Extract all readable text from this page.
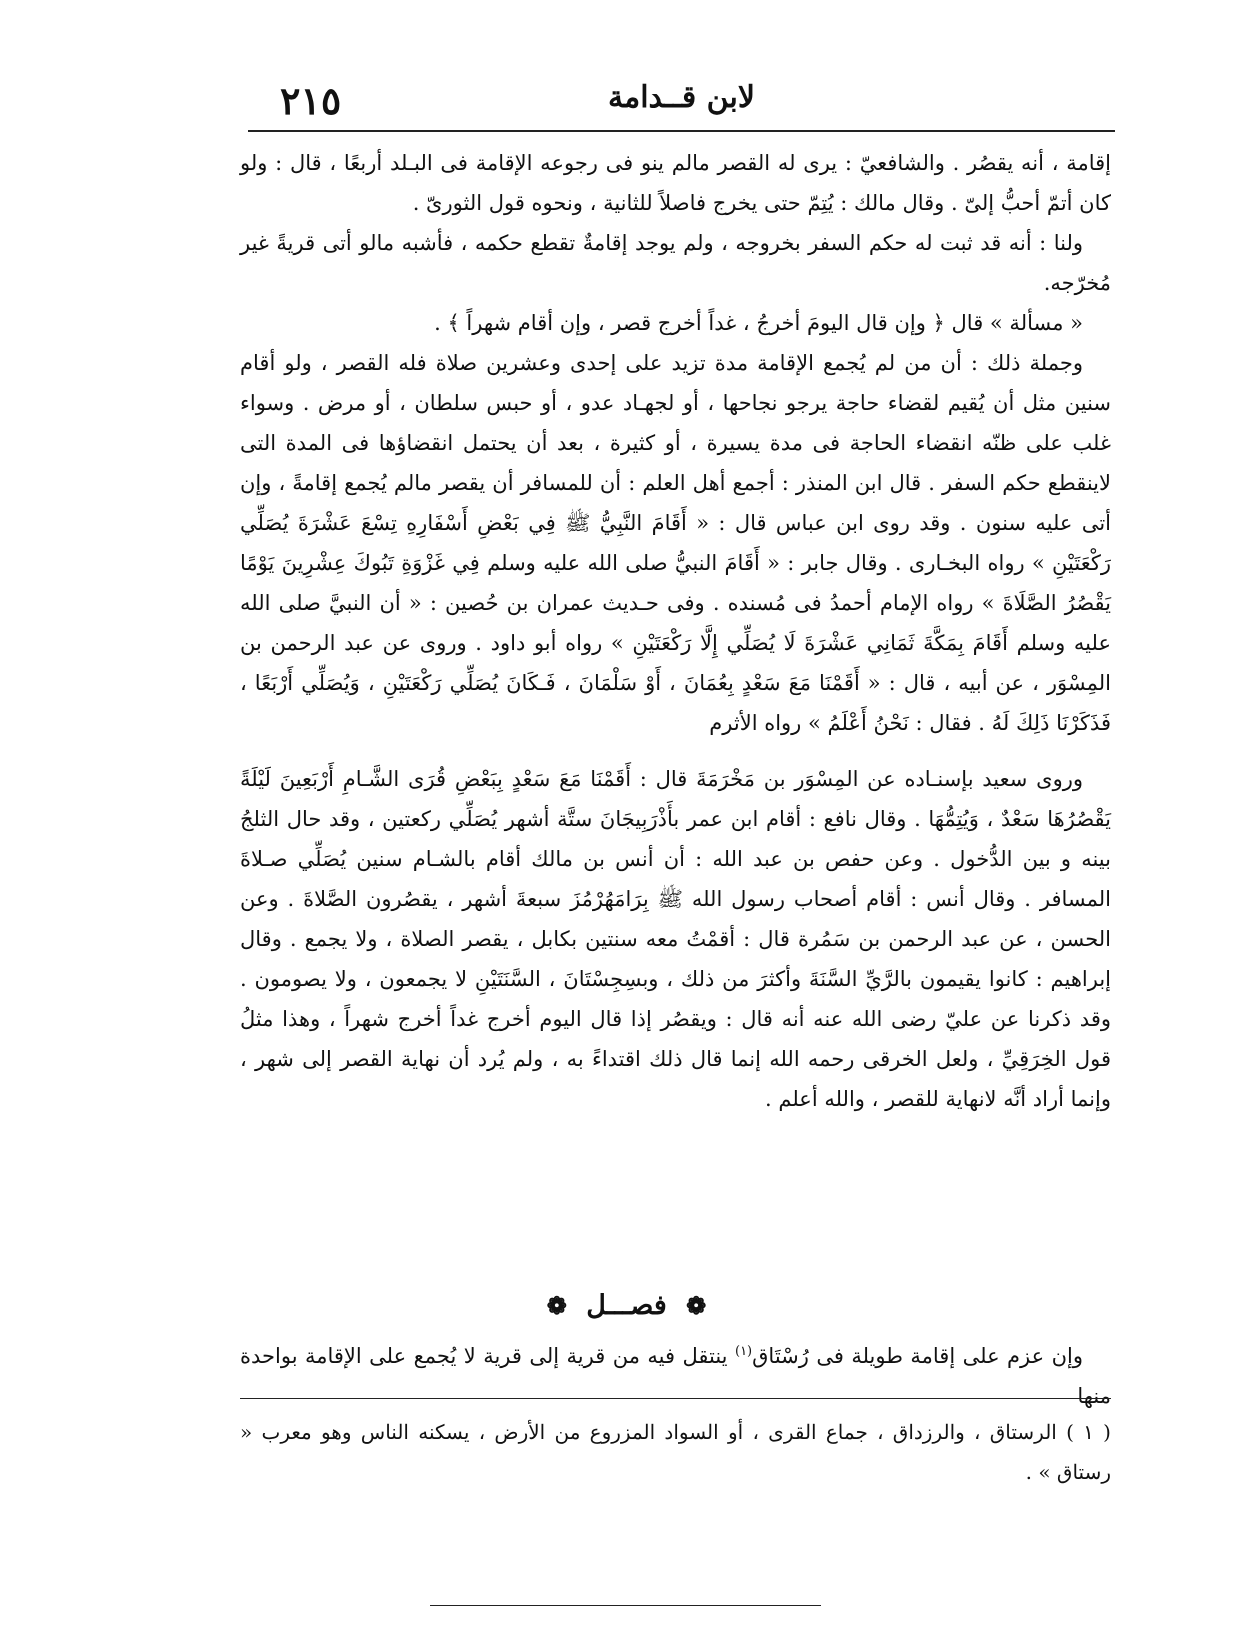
٢١٥	لابن قــدامة

إقامة ، أنه يقصُر . والشافعيّ : يرى له القصر مالم ينو فى رجوعه الإقامة فى البـلد أربعًا ، قال : ولو كان أتمّ أحبُّ إلىّ . وقال مالك : يُتِمّ حتى يخرج فاصلاً للثانية ، ونحوه قول الثورىّ .

ولنا : أنه قد ثبت له حكم السفر بخروجه ، ولم يوجد إقامةٌ تقطع حكمه ، فأشبه مالو أتى قريةً غير مُخرّجه.

« مسألة » قال ﴿ وإن قال اليومَ أخرجُ ، غداً أخرج قصر ، وإن أقام شهراً ﴾ .

وجملة ذلك : أن من لم يُجمع الإقامة مدة تزيد على إحدى وعشرين صلاة فله القصر ، ولو أقام سنين مثل أن يُقيم لقضاء حاجة يرجو نجاحها ، أو لجهـاد عدو ، أو حبس سلطان ، أو مرض . وسواء غلب على ظنّه انقضاء الحاجة فى مدة يسيرة ، أو كثيرة ، بعد أن يحتمل انقضاؤها فى المدة التى لاينقطع حكم السفر . قال ابن المنذر : أجمع أهل العلم : أن للمسافر أن يقصر مالم يُجمع إقامةً ، وإن أتى عليه سنون . وقد روى ابن عباس قال : « أَقَامَ النَّبِيُّ ﷺ فِي بَعْضِ أَسْفَارِهِ تِسْعَ عَشْرَةَ يُصَلِّي رَكْعَتَيْنِ » رواه البخـارى . وقال جابر : « أَقَامَ النبيُّ صلى الله عليه وسلم فِي غَزْوَةِ تَبُوكَ عِشْرِينَ يَوْمًا يَقْصُرُ الصَّلَاةَ » رواه الإمام أحمدُ فى مُسنده . وفى حـديث عمران بن حُصين : « أن النبيَّ صلى الله عليه وسلم أَقَامَ بِمَكَّةَ ثَمَانِي عَشْرَةَ لَا يُصَلِّي إِلَّا رَكْعَتَيْنِ » رواه أبو داود . وروى عن عبد الرحمن بن المِسْوَر ، عن أبيه ، قال : « أَقَمْنَا مَعَ سَعْدٍ بِعُمَانَ ، أَوْ سَلْمَانَ ، فَـكَانَ يُصَلِّي رَكْعَتَيْنِ ، وَيُصَلِّي أَرْبَعًا ، فَذَكَرْنَا ذَلِكَ لَهُ . فقال : نَحْنُ أَعْلَمُ » رواه الأثرم

وروى سعيد بإسنـاده عن المِسْوَر بن مَخْرَمَةَ قال : أَقَمْنَا مَعَ سَعْدٍ بِبَعْضِ قُرَى الشَّـامِ أَرْبَعِينَ لَيْلَةً يَقْصُرُهَا سَعْدٌ ، وَيُتِمُّهَا . وقال نافع : أقام ابن عمر بأَذْرَبِيجَانَ ستَّة أشهر يُصَلِّي ركعتين ، وقد حال الثلجُ بينه و بين الدُّخول . وعن حفص بن عبد الله : أن أنس بن مالك أقام بالشـام سنين يُصَلِّي صـلاةَ المسافر . وقال أنس : أقام أصحاب رسول الله ﷺ بِرَامَهُرْمُزَ سبعةَ أشهر ، يقصُرون الصَّلاةَ . وعن الحسن ، عن عبد الرحمن بن سَمُرة قال : أقمْتُ معه سنتين بكابل ، يقصر الصلاة ، ولا يجمع . وقال إبراهيم : كانوا يقيمون بالرَّيِّ السَّنَةَ وأكثرَ من ذلك ، وبسِجِسْتَانَ ، السَّنَتَيْنِ لا يجمعون ، ولا يصومون . وقد ذكرنا عن عليّ رضى الله عنه أنه قال : ويقصُر إذا قال اليوم أخرج غداً أخرج شهراً ، وهذا مثلُ قول الخِرَقِيِّ ، ولعل الخرقى رحمه الله إنما قال ذلك اقتداءً به ، ولم يُرد أن نهاية القصر إلى شهر ، وإنما أراد أنَّه لانهاية للقصر ، والله أعلم .

❁ فصـــل ❁
وإن عزم على إقامة طويلة فى رُسْتَاق$^{(١)}$ ينتقل فيه من قرية إلى قرية لا يُجمع على الإقامة بواحدة منها
( ١ ) الرستاق ، والرزداق ، جماع القرى ، أو السواد المزروع من الأرض ، يسكنه الناس وهو معرب « رستاق » .
